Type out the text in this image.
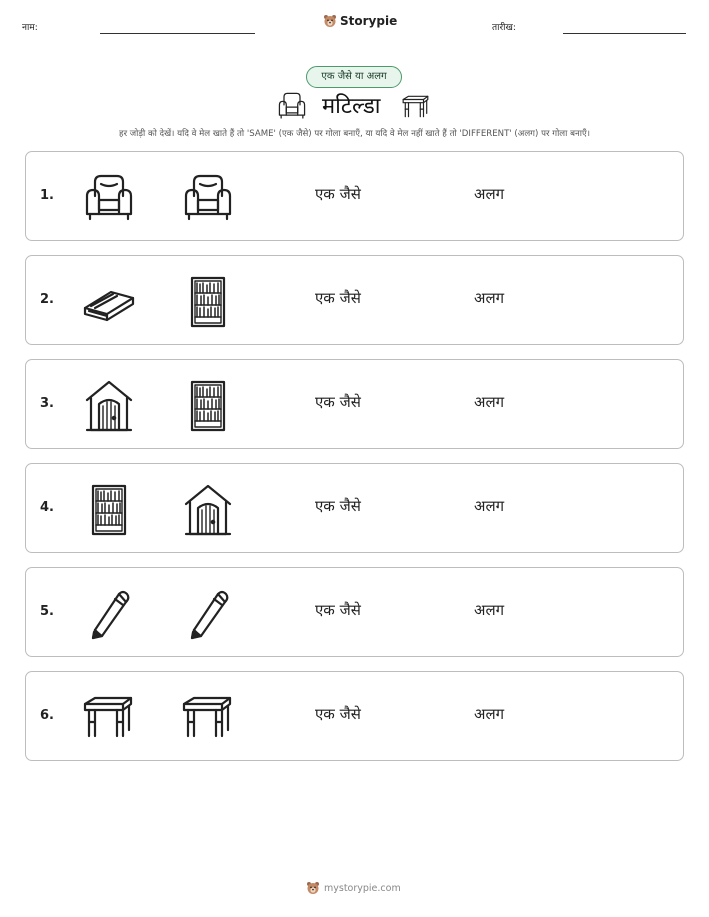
नाम:	Storypie	तारीख:
एक जैसे या अलग
मटिल्डा
हर जोड़ी को देखें। यदि वे मेल खाते हैं तो 'SAME' (एक जैसे) पर गोला बनाएँ, या यदि वे मेल नहीं खाते हैं तो 'DIFFERENT' (अलग) पर गोला बनाएँ।
1.	एक जैसे	अलग
2.	एक जैसे	अलग
3.	एक जैसे	अलग
4.	एक जैसे	अलग
5.	एक जैसे	अलग
6.	एक जैसे	अलग
mystorypie.com
